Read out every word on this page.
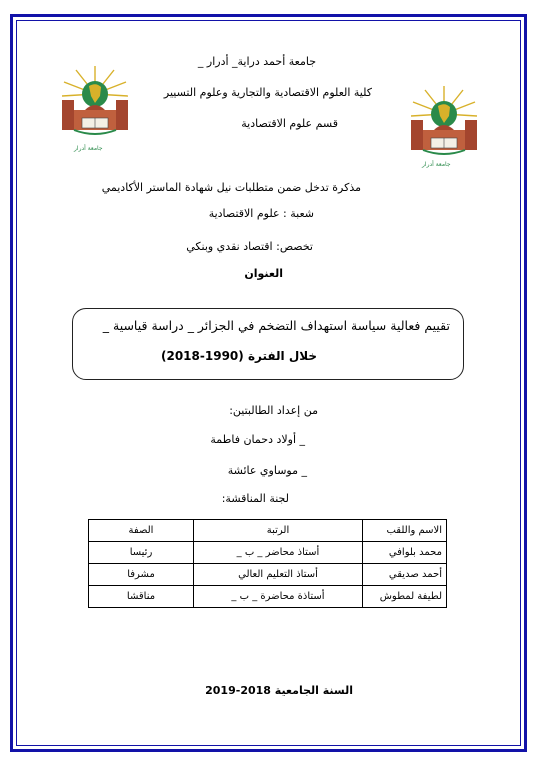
جامعة أدرار
جامعة أدرار
جامعة أحمد دراية_ أدرار _
كلية العلوم الاقتصادية والتجارية وعلوم التسيير
قسم علوم الاقتصادية
مذكرة تدخل ضمن متطلبات نيل شهادة الماستر الأكاديمي
شعبة : علوم الاقتصادية
تخصص: اقتصاد نقدي وبنكي
العنوان
تقييم فعالية سياسة استهداف التضخم في الجزائر _ دراسة قياسية _
خلال الفترة (1990-2018)
من إعداد الطالبتين:
_ أولاد دحمان فاطمة
_ موساوي عائشة
لجنة المناقشة:
الاسم واللقب	الرتبة	الصفة
محمد بلوافي	أستاذ محاضر _ ب _	رئيسا
أحمد صديقي	أستاذ التعليم العالي	مشرفا
لطيفة لمطوش	أستاذة محاضرة _ ب _	مناقشا
السنة الجامعية 2018-2019
